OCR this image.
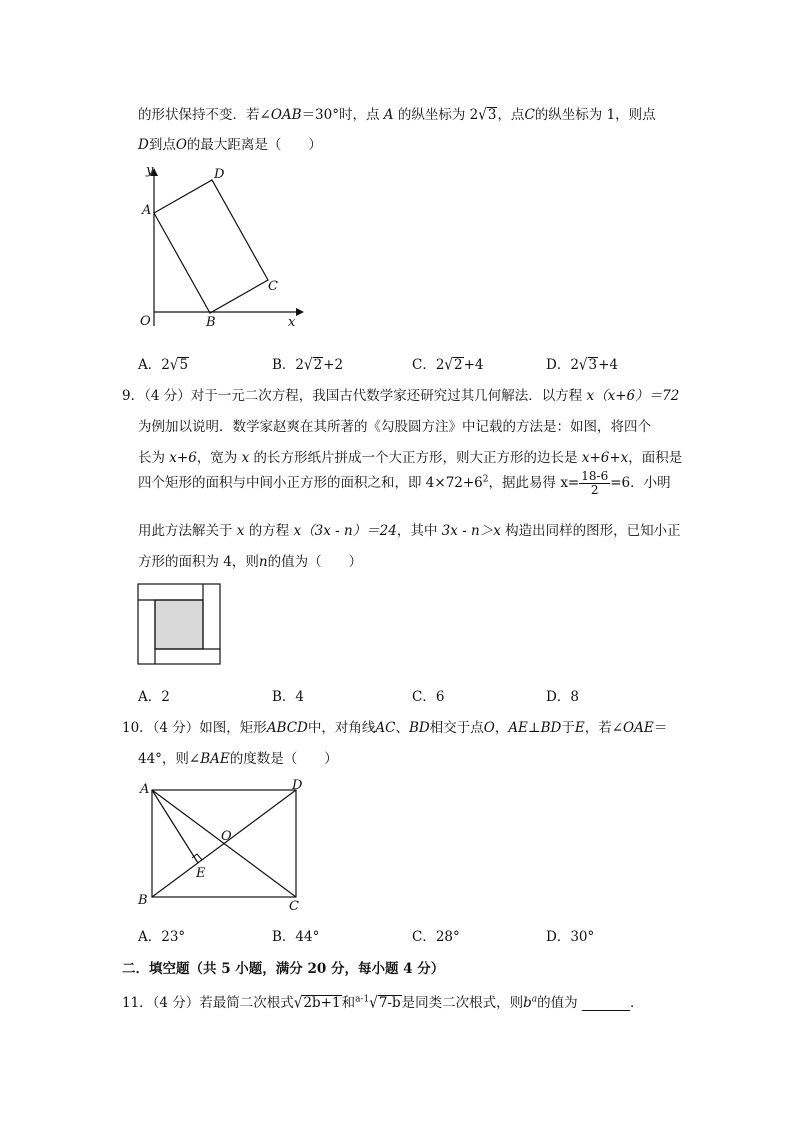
的形状保持不变．若∠OAB＝30°时，点 A 的纵坐标为 2√3，点C的纵坐标为 1，则点
D到点O的最大距离是（　　）
y	D
A
C
O	B	x
A．2√5	B．2√2+2	C．2√2+4	D．2√3+4
9．（4 分）对于一元二次方程，我国古代数学家还研究过其几何解法．以方程 x（x+6）＝72
为例加以说明．数学家赵爽在其所著的《勾股圆方注》中记载的方法是：如图，将四个
长为 x+6，宽为 x 的长方形纸片拼成一个大正方形，则大正方形的边长是 x+6+x，面积是
四个矩形的面积与中间小正方形的面积之和，即 $4\times 72+6^2$，据此易得 $x= \frac{18-6}{2} =6$．小明
用此方法解关于 x 的方程 x（3x - n）＝24，其中 3x - n＞x 构造出同样的图形，已知小正
方形的面积为 4，则n的值为（　　）
A．2	B．4	C．6	D．8
10．（4 分）如图，矩形ABCD中，对角线AC、BD相交于点O，AE⊥BD于E，若∠OAE＝
44°，则∠BAE的度数是（　　）
A	D
O
E
B	C
A．23°	B．44°	C．28°	D．30°
二．填空题（共 5 小题，满分 20 分，每小题 4 分）
11．（4 分）若最简二次根式√2b+1和$^{a-1}$√7-b是同类二次根式，则$b^a$的值为	．
